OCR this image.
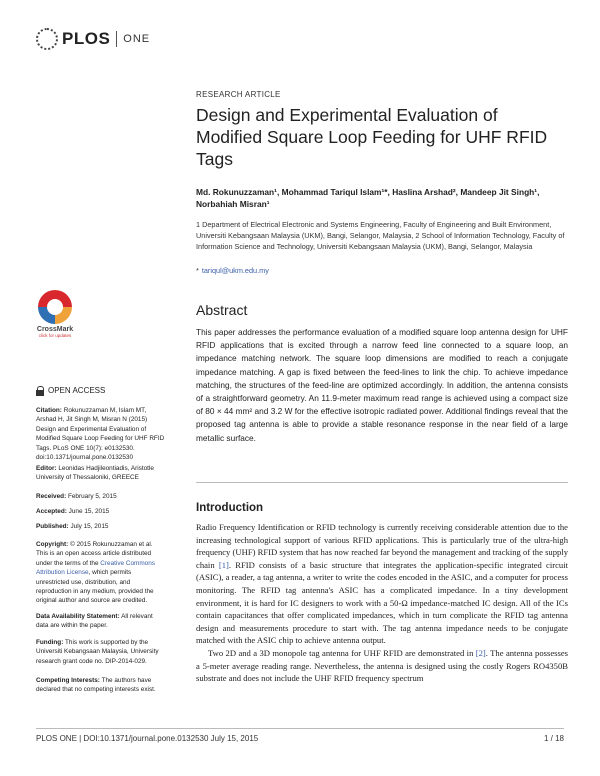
PLOS ONE
RESEARCH ARTICLE
Design and Experimental Evaluation of Modified Square Loop Feeding for UHF RFID Tags
Md. Rokunuzzaman¹, Mohammad Tariqul Islam¹*, Haslina Arshad², Mandeep Jit Singh¹,
Norbahiah Misran¹
1 Department of Electrical Electronic and Systems Engineering, Faculty of Engineering and Built Environment, Universiti Kebangsaan Malaysia (UKM), Bangi, Selangor, Malaysia, 2 School of Information Technology, Faculty of Information Science and Technology, Universiti Kebangsaan Malaysia (UKM), Bangi, Selangor, Malaysia
* tariqul@ukm.edu.my
Abstract
This paper addresses the performance evaluation of a modified square loop antenna design for UHF RFID applications that is excited through a narrow feed line connected to a square loop, an impedance matching network. The square loop dimensions are modified to reach a conjugate impedance matching. A gap is fixed between the feed-lines to link the chip. To achieve impedance matching, the structures of the feed-line are optimized accordingly. In addition, the antenna consists of a straightforward geometry. An 11.9-meter maximum read range is achieved using a compact size of 80 × 44 mm² and 3.2 W for the effective isotropic radiated power. Additional findings reveal that the proposed tag antenna is able to provide a stable resonance response in the near field of a large metallic surface.
Introduction

Radio Frequency Identification or RFID technology is currently receiving considerable attention due to the increasing technological support of various RFID applications. This is particularly true of the ultra-high frequency (UHF) RFID system that has now reached far beyond the management and tracking of the supply chain [1]. RFID consists of a basic structure that integrates the application-specific integrated circuit (ASIC), a reader, a tag antenna, a writer to write the codes encoded in the ASIC, and a computer for process monitoring. The RFID tag antenna's ASIC has a complicated impedance. In a tiny development environment, it is hard for IC designers to work with a 50-Ω impedance-matched IC design. All of the ICs contain capacitances that offer complicated impedances, which in turn complicate the RFID tag antenna design and measurements procedure to start with. The tag antenna impedance needs to be conjugate matched with the ASIC chip to achieve antenna output.

Two 2D and a 3D monopole tag antenna for UHF RFID are demonstrated in [2]. The antenna possesses a 5-meter average reading range. Nevertheless, the antenna is designed using the costly Rogers RO4350B substrate and does not include the UHF RFID frequency spectrum

CrossMark
click for updates
OPEN ACCESS
Citation: Rokunuzzaman M, Islam MT, Arshad H, Jit Singh M, Misran N (2015) Design and Experimental Evaluation of Modified Square Loop Feeding for UHF RFID Tags. PLoS ONE 10(7): e0132530. doi:10.1371/journal.pone.0132530
Editor: Leonidas Hadjileontiadis, Aristotle University of Thessaloniki, GREECE
Received: February 5, 2015
Accepted: June 15, 2015
Published: July 15, 2015
Copyright: © 2015 Rokunuzzaman et al. This is an open access article distributed under the terms of the Creative Commons Attribution License, which permits unrestricted use, distribution, and reproduction in any medium, provided the original author and source are credited.
Data Availability Statement: All relevant data are within the paper.
Funding: This work is supported by the Universiti Kebangsaan Malaysia, University research grant code no. DIP-2014-029.
Competing Interests: The authors have declared that no competing interests exist.
PLOS ONE | DOI:10.1371/journal.pone.0132530 July 15, 2015	1 / 18
